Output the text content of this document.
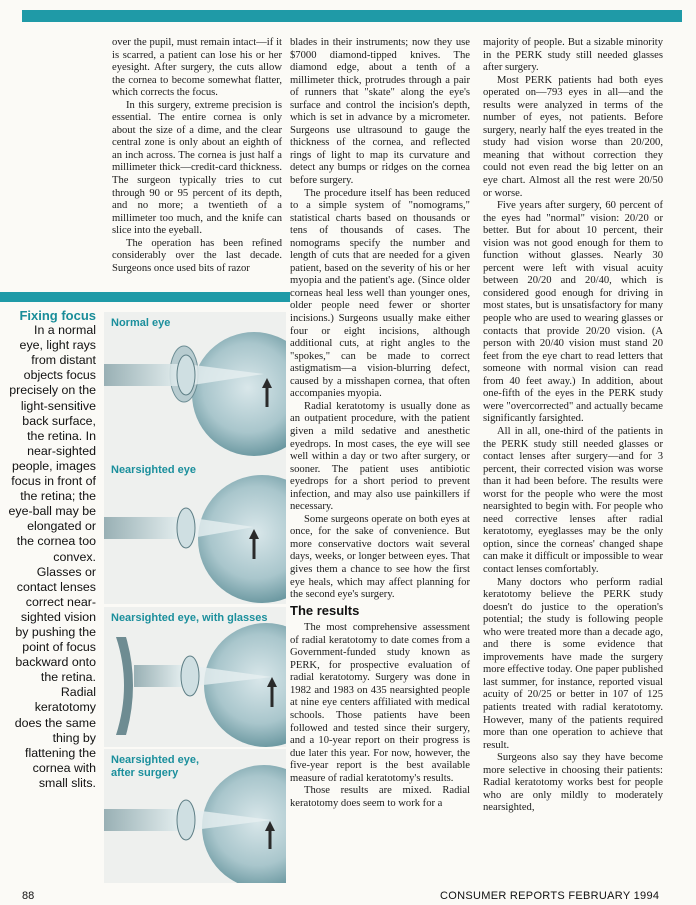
over the pupil, must remain intact—if it is scarred, a patient can lose his or her eyesight. After surgery, the cuts allow the cornea to become somewhat flatter, which corrects the focus.

In this surgery, extreme precision is essential. The entire cornea is only about the size of a dime, and the clear central zone is only about an eighth of an inch across. The cornea is just half a millimeter thick—credit-card thickness. The surgeon typically tries to cut through 90 or 95 percent of its depth, and no more; a twentieth of a millimeter too much, and the knife can slice into the eyeball.

The operation has been refined considerably over the last decade. Surgeons once used bits of razor

Fixing focus
In a normal eye, light rays from distant objects focus precisely on the light-sensitive back surface, the retina. In near-sighted people, images focus in front of the retina; the eye-ball may be elongated or the cornea too convex. Glasses or contact lenses correct near-sighted vision by pushing the point of focus backward onto the retina. Radial keratotomy does the same thing by flattening the cornea with small slits.
Normal eye
Nearsighted eye
Nearsighted eye, with glasses
Nearsighted eye,
after surgery

blades in their instruments; now they use $7000 diamond-tipped knives. The diamond edge, about a tenth of a millimeter thick, protrudes through a pair of runners that "skate" along the eye's surface and control the incision's depth, which is set in advance by a micrometer. Surgeons use ultrasound to gauge the thickness of the cornea, and reflected rings of light to map its curvature and detect any bumps or ridges on the cornea before surgery.

The procedure itself has been reduced to a simple system of "nomograms," statistical charts based on thousands or tens of thousands of cases. The nomograms specify the number and length of cuts that are needed for a given patient, based on the severity of his or her myopia and the patient's age. (Since older corneas heal less well than younger ones, older people need fewer or shorter incisions.) Surgeons usually make either four or eight incisions, although additional cuts, at right angles to the "spokes," can be made to correct astigmatism—a vision-blurring defect, caused by a misshapen cornea, that often accompanies myopia.

Radial keratotomy is usually done as an outpatient procedure, with the patient given a mild sedative and anesthetic eyedrops. In most cases, the eye will see well within a day or two after surgery, or sooner. The patient uses antibiotic eyedrops for a short period to prevent infection, and may also use painkillers if necessary.

Some surgeons operate on both eyes at once, for the sake of convenience. But more conservative doctors wait several days, weeks, or longer between eyes. That gives them a chance to see how the first eye heals, which may affect planning for the second eye's surgery.

The results

The most comprehensive assessment of radial keratotomy to date comes from a Government-funded study known as PERK, for prospective evaluation of radial keratotomy. Surgery was done in 1982 and 1983 on 435 nearsighted people at nine eye centers affiliated with medical schools. Those patients have been followed and tested since their surgery, and a 10-year report on their progress is due later this year. For now, however, the five-year report is the best available measure of radial keratotomy's results.

Those results are mixed. Radial keratotomy does seem to work for a

majority of people. But a sizable minority in the PERK study still needed glasses after surgery.

Most PERK patients had both eyes operated on—793 eyes in all—and the results were analyzed in terms of the number of eyes, not patients. Before surgery, nearly half the eyes treated in the study had vision worse than 20/200, meaning that without correction they could not even read the big letter on an eye chart. Almost all the rest were 20/50 or worse.

Five years after surgery, 60 percent of the eyes had "normal" vision: 20/20 or better. But for about 10 percent, their vision was not good enough for them to function without glasses. Nearly 30 percent were left with visual acuity between 20/20 and 20/40, which is considered good enough for driving in most states, but is unsatisfactory for many people who are used to wearing glasses or contacts that provide 20/20 vision. (A person with 20/40 vision must stand 20 feet from the eye chart to read letters that someone with normal vision can read from 40 feet away.) In addition, about one-fifth of the eyes in the PERK study were "overcorrected" and actually became significantly farsighted.

All in all, one-third of the patients in the PERK study still needed glasses or contact lenses after surgery—and for 3 percent, their corrected vision was worse than it had been before. The results were worst for the people who were the most nearsighted to begin with. For people who need corrective lenses after radial keratotomy, eyeglasses may be the only option, since the corneas' changed shape can make it difficult or impossible to wear contact lenses comfortably.

Many doctors who perform radial keratotomy believe the PERK study doesn't do justice to the operation's potential; the study is following people who were treated more than a decade ago, and there is some evidence that improvements have made the surgery more effective today. One paper published last summer, for instance, reported visual acuity of 20/25 or better in 107 of 125 patients treated with radial keratotomy. However, many of the patients required more than one operation to achieve that result.

Surgeons also say they have become more selective in choosing their patients: Radial keratotomy works best for people who are only mildly to moderately nearsighted,

88	CONSUMER REPORTS FEBRUARY 1994
